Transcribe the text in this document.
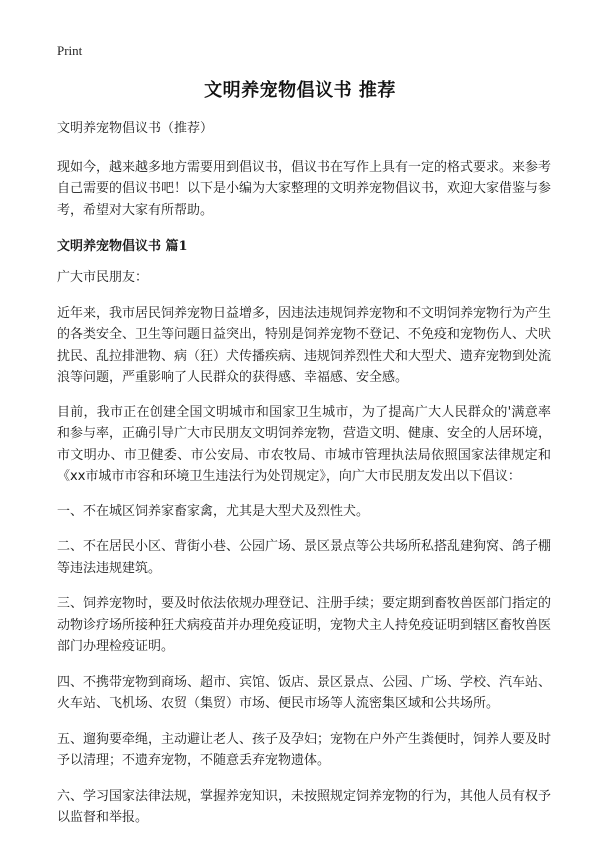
Print
文明养宠物倡议书 推荐
文明养宠物倡议书（推荐）
现如今，越来越多地方需要用到倡议书，倡议书在写作上具有一定的格式要求。来参考自己需要的倡议书吧！以下是小编为大家整理的文明养宠物倡议书，欢迎大家借鉴与参考，希望对大家有所帮助。
文明养宠物倡议书 篇1
广大市民朋友：
近年来，我市居民饲养宠物日益增多，因违法违规饲养宠物和不文明饲养宠物行为产生的各类安全、卫生等问题日益突出，特别是饲养宠物不登记、不免疫和宠物伤人、犬吠扰民、乱拉排泄物、病（狂）犬传播疾病、违规饲养烈性犬和大型犬、遗弃宠物到处流浪等问题，严重影响了人民群众的获得感、幸福感、安全感。
目前，我市正在创建全国文明城市和国家卫生城市，为了提高广大人民群众的'满意率和参与率，正确引导广大市民朋友文明饲养宠物，营造文明、健康、安全的人居环境，市文明办、市卫健委、市公安局、市农牧局、市城市管理执法局依照国家法律规定和《xx市城市市容和环境卫生违法行为处罚规定》，向广大市民朋友发出以下倡议：
一、不在城区饲养家畜家禽，尤其是大型犬及烈性犬。
二、不在居民小区、背街小巷、公园广场、景区景点等公共场所私搭乱建狗窝、鸽子棚等违法违规建筑。
三、饲养宠物时，要及时依法依规办理登记、注册手续；要定期到畜牧兽医部门指定的动物诊疗场所接种狂犬病疫苗并办理免疫证明，宠物犬主人持免疫证明到辖区畜牧兽医部门办理检疫证明。
四、不携带宠物到商场、超市、宾馆、饭店、景区景点、公园、广场、学校、汽车站、火车站、飞机场、农贸（集贸）市场、便民市场等人流密集区域和公共场所。
五、遛狗要牵绳，主动避让老人、孩子及孕妇；宠物在户外产生粪便时，饲养人要及时予以清理；不遗弃宠物，不随意丢弃宠物遗体。
六、学习国家法律法规，掌握养宠知识，未按照规定饲养宠物的行为，其他人员有权予以监督和举报。
